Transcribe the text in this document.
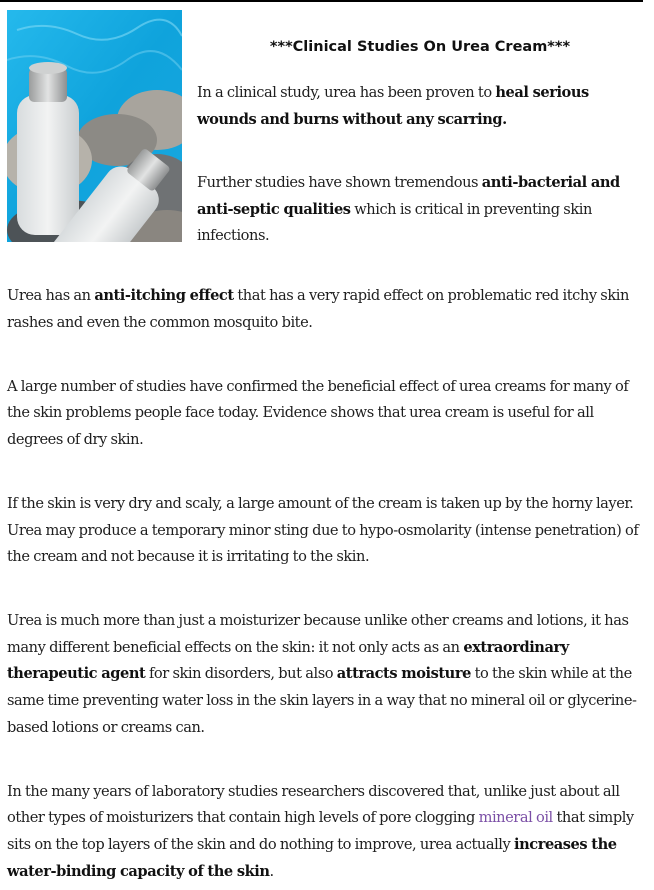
***Clinical Studies On Urea Cream***

In a clinical study, urea has been proven to heal serious wounds and burns without any scarring.

Further studies have shown tremendous anti-bacterial and anti-septic qualities which is critical in preventing skin infections.

Urea has an anti-itching effect that has a very rapid effect on problematic red itchy skin rashes and even the common mosquito bite.

A large number of studies have confirmed the beneficial effect of urea creams for many of the skin problems people face today. Evidence shows that urea cream is useful for all degrees of dry skin.

If the skin is very dry and scaly, a large amount of the cream is taken up by the horny layer. Urea may produce a temporary minor sting due to hypo-osmolarity (intense penetration) of the cream and not because it is irritating to the skin.

Urea is much more than just a moisturizer because unlike other creams and lotions, it has many different beneficial effects on the skin: it not only acts as an extraordinary therapeutic agent for skin disorders, but also attracts moisture to the skin while at the same time preventing water loss in the skin layers in a way that no mineral oil or glycerine-based lotions or creams can.

In the many years of laboratory studies researchers discovered that, unlike just about all other types of moisturizers that contain high levels of pore clogging mineral oil that simply sits on the top layers of the skin and do nothing to improve, urea actually increases the water-binding capacity of the skin.
